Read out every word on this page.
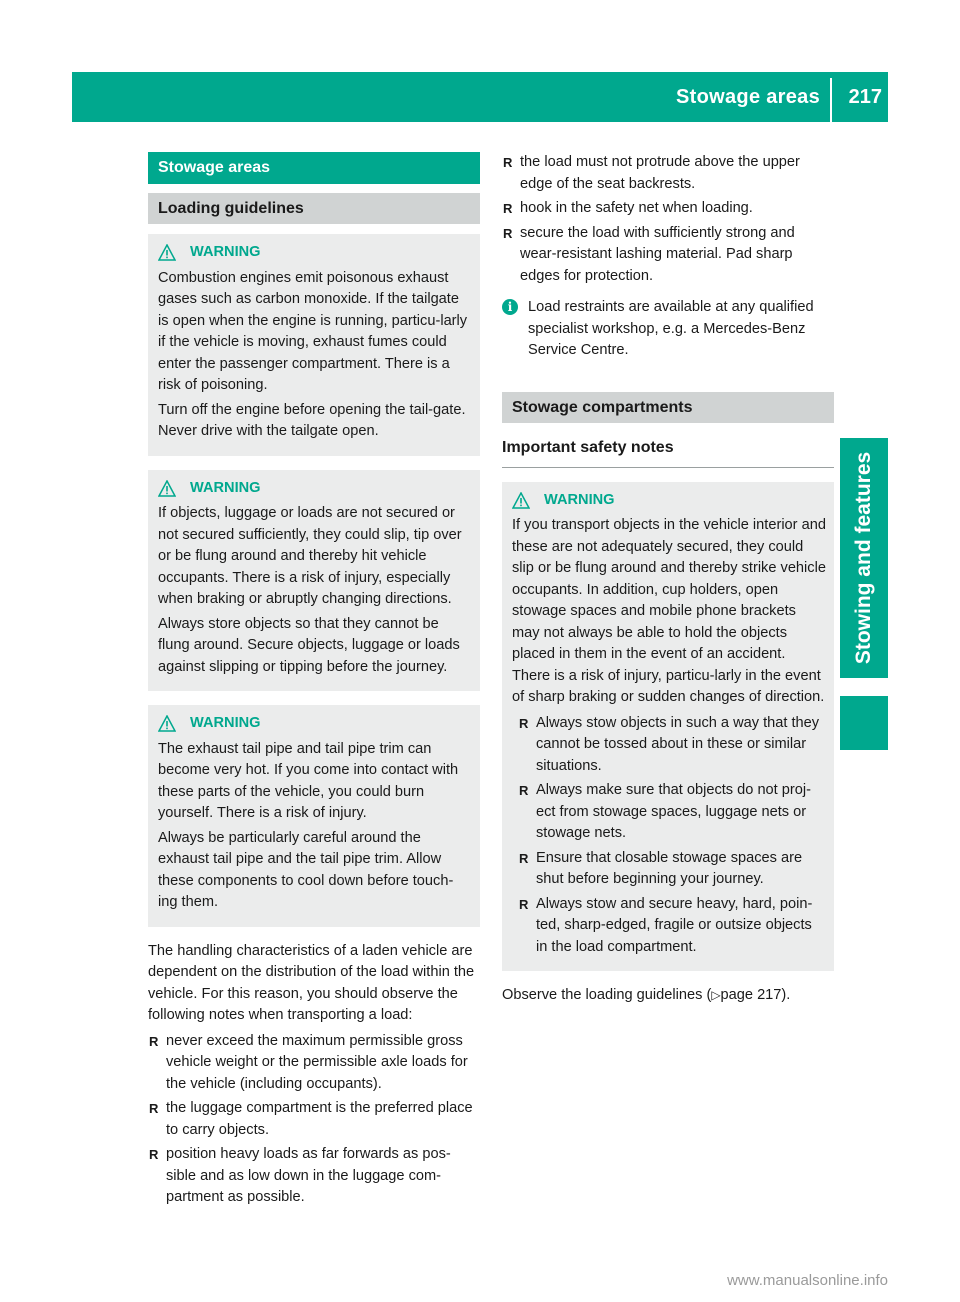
Stowage areas 217
Stowing and features
Stowage areas
Loading guidelines
WARNING

Combustion engines emit poisonous exhaust gases such as carbon monoxide. If the tailgate is open when the engine is running, particu-larly if the vehicle is moving, exhaust fumes could enter the passenger compartment. There is a risk of poisoning.

Turn off the engine before opening the tail-gate. Never drive with the tailgate open.

WARNING

If objects, luggage or loads are not secured or not secured sufficiently, they could slip, tip over or be flung around and thereby hit vehicle occupants. There is a risk of injury, especially when braking or abruptly changing directions.

Always store objects so that they cannot be flung around. Secure objects, luggage or loads against slipping or tipping before the journey.

WARNING

The exhaust tail pipe and tail pipe trim can become very hot. If you come into contact with these parts of the vehicle, you could burn yourself. There is a risk of injury.

Always be particularly careful around the exhaust tail pipe and the tail pipe trim. Allow these components to cool down before touch-ing them.

The handling characteristics of a laden vehicle are dependent on the distribution of the load within the vehicle. For this reason, you should observe the following notes when transporting a load:

R never exceed the maximum permissible gross vehicle weight or the permissible axle loads for the vehicle (including occupants).
R the luggage compartment is the preferred place to carry objects.
R position heavy loads as far forwards as pos-sible and as low down in the luggage com-partment as possible.
R the load must not protrude above the upper edge of the seat backrests.
R hook in the safety net when loading.
R secure the load with sufficiently strong and wear-resistant lashing material. Pad sharp edges for protection.
i	Load restraints are available at any qualified specialist workshop, e.g. a Mercedes-Benz Service Centre.
Stowage compartments
Important safety notes
WARNING

If you transport objects in the vehicle interior and these are not adequately secured, they could slip or be flung around and thereby strike vehicle occupants. In addition, cup holders, open stowage spaces and mobile phone brackets may not always be able to hold the objects placed in them in the event of an accident. There is a risk of injury, particu-larly in the event of sharp braking or sudden changes of direction.

R Always stow objects in such a way that they cannot be tossed about in these or similar situations.
R Always make sure that objects do not proj-ect from stowage spaces, luggage nets or stowage nets.
R Ensure that closable stowage spaces are shut before beginning your journey.
R Always stow and secure heavy, hard, poin-ted, sharp-edged, fragile or outsize objects in the load compartment.

Observe the loading guidelines (▷page 217).

www.manualsonline.info
